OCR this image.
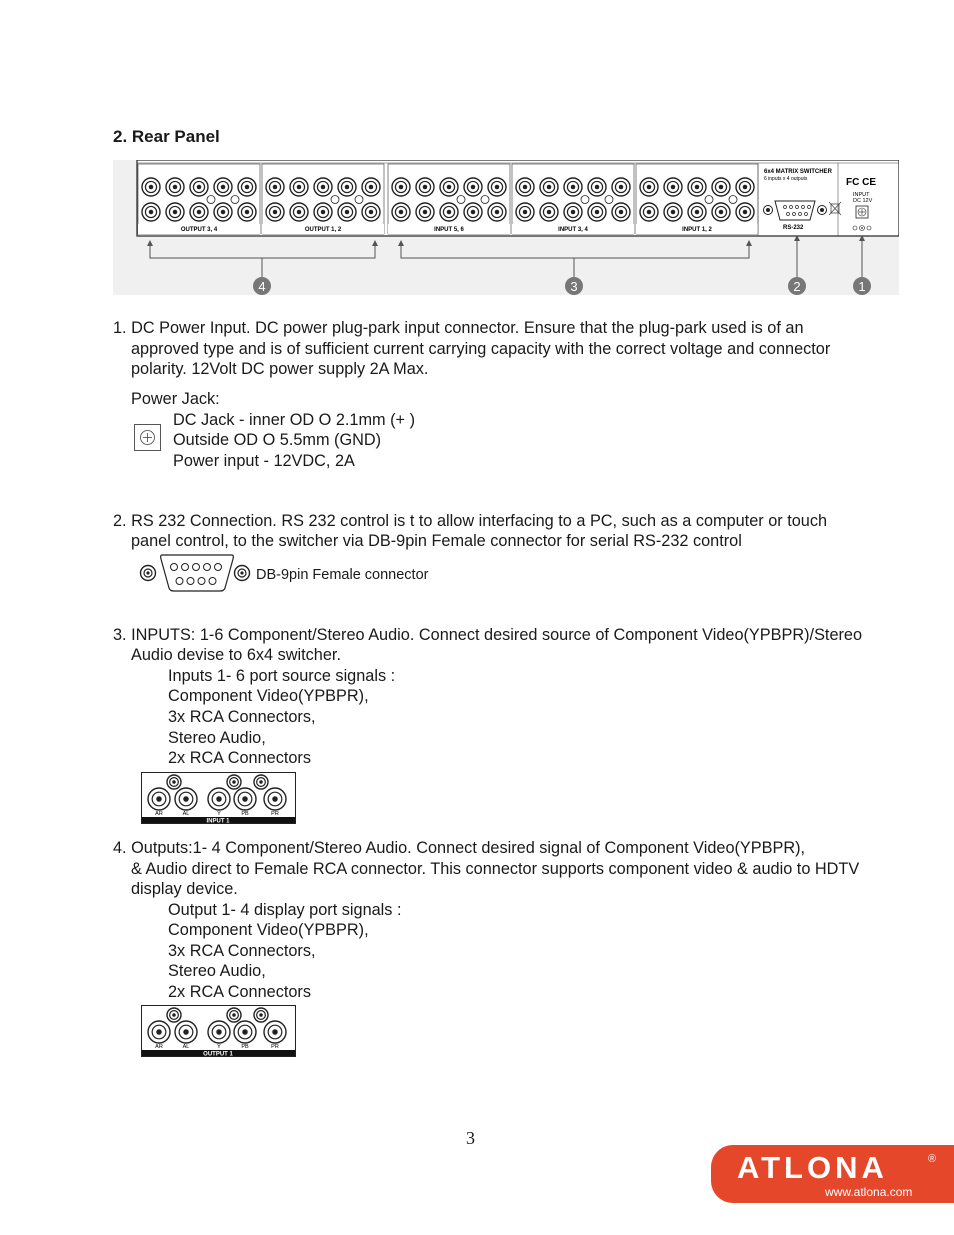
2. Rear Panel
OUTPUT 3, 4	OUTPUT 1, 2	INPUT 5, 6	INPUT 3, 4	INPUT 1, 2	RS-232
6x4 MATRIX SWITCHER
6 inputs x 4 outputs	FC CE
INPUT
DC 12V
4	3	2	1
1. DC Power Input. DC power plug-park input connector. Ensure that the plug-park used is of an
approved type and is of sufficient current carrying capacity with the correct voltage and connector
polarity. 12Volt DC power supply 2A Max.
Power Jack:
DC Jack - inner OD O 2.1mm (+ )
Outside OD O 5.5mm (GND)
Power input - 12VDC, 2A
2. RS 232 Connection. RS 232 control is t to allow interfacing to a PC, such as a computer or touch
panel control, to the switcher via DB-9pin Female connector for serial RS-232 control
DB-9pin Female connector
3. INPUTS: 1-6 Component/Stereo Audio. Connect desired source of Component Video(YPBPR)/Stereo
Audio devise to 6x4 switcher.
Inputs 1- 6 port source signals :
Component Video(YPBPR),
3x RCA Connectors,
Stereo Audio,
2x RCA Connectors
AR	AL	Y	PB	PR
INPUT 1
4. Outputs:1- 4 Component/Stereo Audio. Connect desired signal of Component Video(YPBPR),
& Audio direct to Female RCA connector. This connector supports component video & audio to HDTV
display device.
Output 1- 4 display port signals :
Component Video(YPBPR),
3x RCA Connectors,
Stereo Audio,
2x RCA Connectors
AR	AL	Y	PB	PR
OUTPUT 1
3
ATLONA	®
www.atlona.com
